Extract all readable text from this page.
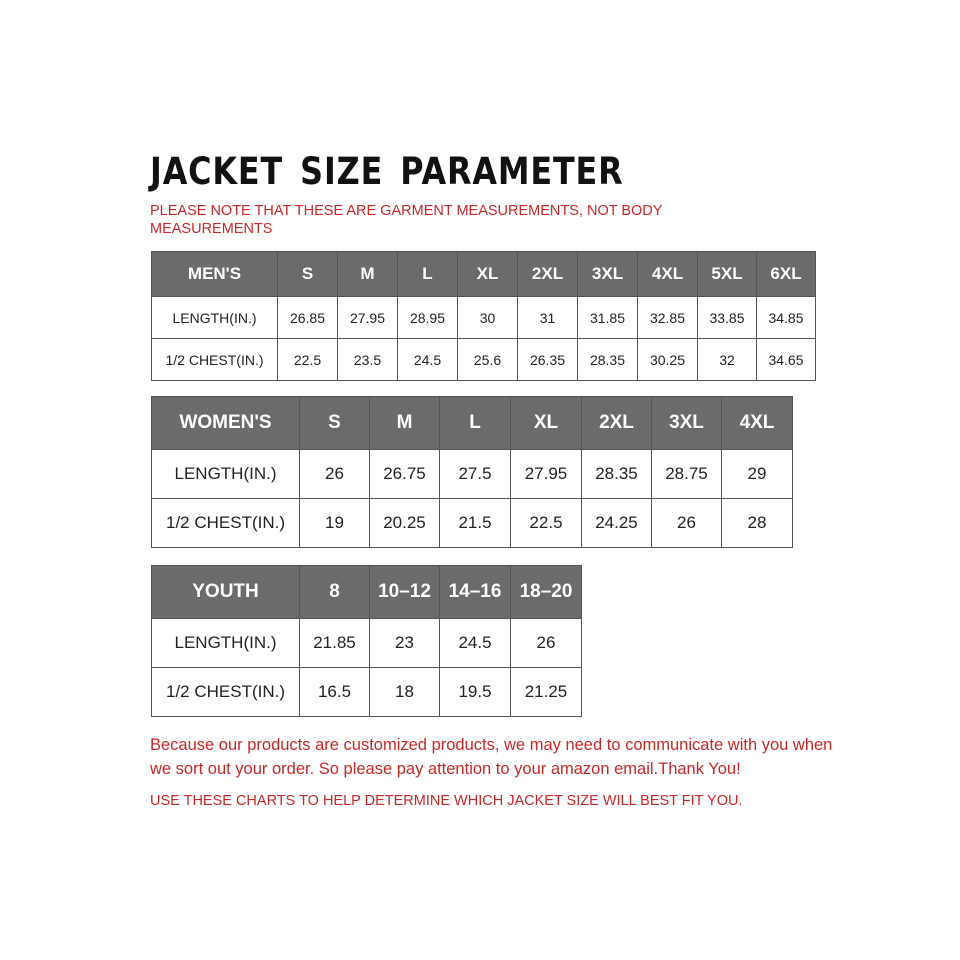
JACKET SIZE PARAMETER

PLEASE NOTE THAT THESE ARE GARMENT MEASUREMENTS, NOT BODY MEASUREMENTS

MEN'S	S	M	L	XL	2XL	3XL	4XL	5XL	6XL
LENGTH(IN.)	26.85	27.95	28.95	30	31	31.85	32.85	33.85	34.85
1/2 CHEST(IN.)	22.5	23.5	24.5	25.6	26.35	28.35	30.25	32	34.65
WOMEN'S	S	M	L	XL	2XL	3XL	4XL
LENGTH(IN.)	26	26.75	27.5	27.95	28.35	28.75	29
1/2 CHEST(IN.)	19	20.25	21.5	22.5	24.25	26	28
YOUTH	8	10–12	14–16	18–20
LENGTH(IN.)	21.85	23	24.5	26
1/2 CHEST(IN.)	16.5	18	19.5	21.25

Because our products are customized products, we may need to communicate with you when we sort out your order. So please pay attention to your amazon email.Thank You!

USE THESE CHARTS TO HELP DETERMINE WHICH JACKET SIZE WILL BEST FIT YOU.
